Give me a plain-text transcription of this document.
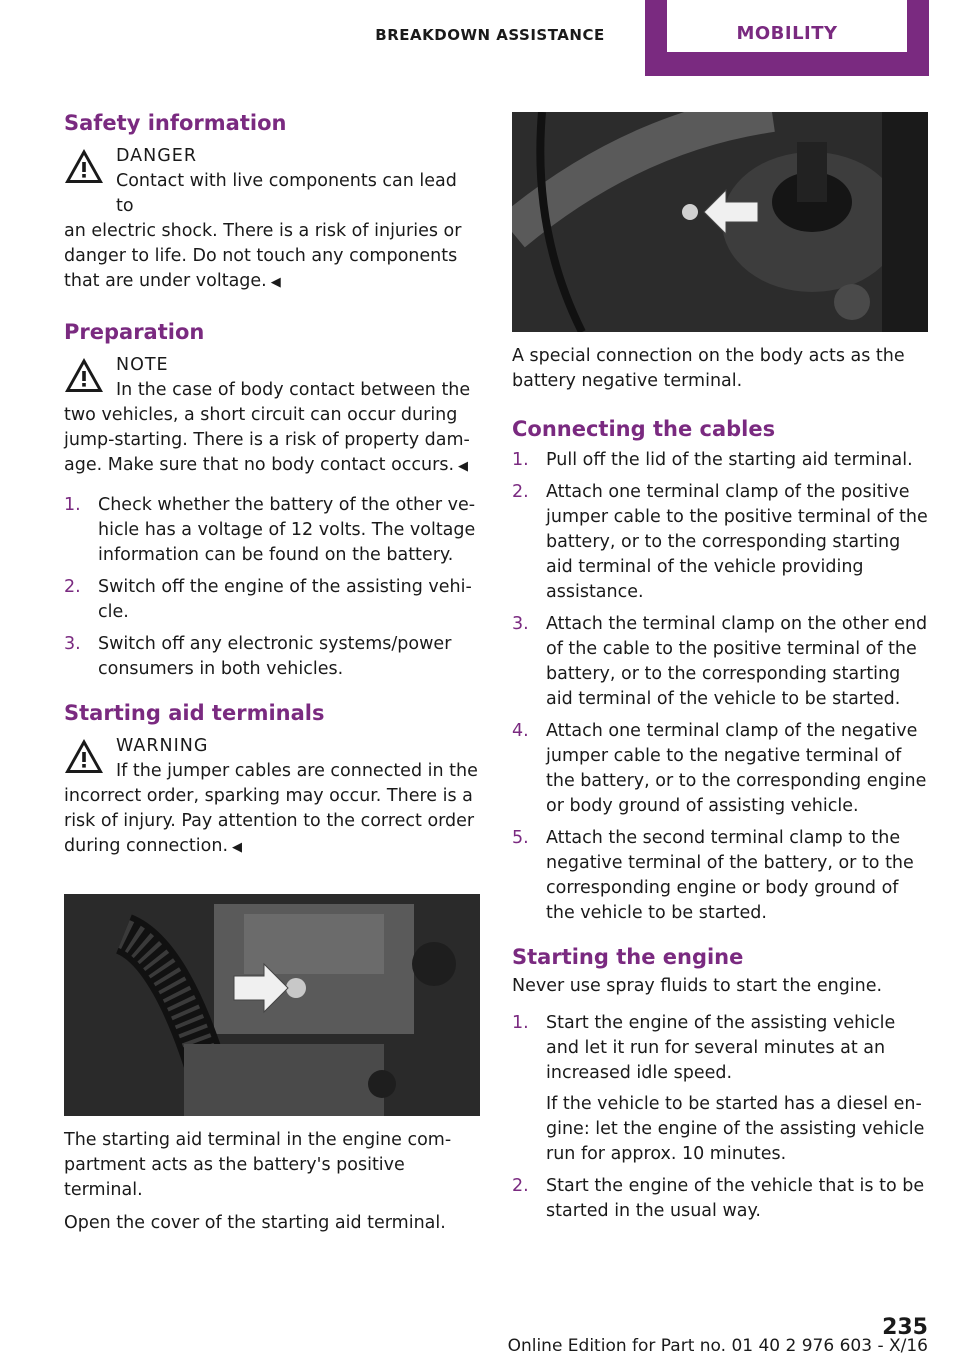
BREAKDOWN ASSISTANCE	MOBILITY
Safety information
DANGER
Contact with live components can lead to
an electric shock. There is a risk of injuries or danger to life. Do not touch any components that are under voltage. ◀
Preparation
NOTE
In the case of body contact between the
two vehicles, a short circuit can occur during jump-starting. There is a risk of property dam‐ age. Make sure that no body contact occurs. ◀
1. Check whether the battery of the other ve‐ hicle has a voltage of 12 volts. The voltage information can be found on the battery.
2. Switch off the engine of the assisting vehi‐ cle.
3. Switch off any electronic systems/power consumers in both vehicles.
Starting aid terminals
WARNING
If the jumper cables are connected in the
incorrect order, sparking may occur. There is a risk of injury. Pay attention to the correct order during connection. ◀

The starting aid terminal in the engine com‐ partment acts as the battery's positive terminal.

Open the cover of the starting aid terminal.

A special connection on the body acts as the battery negative terminal.

Connecting the cables
1. Pull off the lid of the starting aid terminal.
2. Attach one terminal clamp of the positive jumper cable to the positive terminal of the battery, or to the corresponding starting aid terminal of the vehicle providing assistance.
3. Attach the terminal clamp on the other end of the cable to the positive terminal of the battery, or to the corresponding starting aid terminal of the vehicle to be started.
4. Attach one terminal clamp of the negative jumper cable to the negative terminal of the battery, or to the corresponding engine or body ground of assisting vehicle.
5. Attach the second terminal clamp to the negative terminal of the battery, or to the corresponding engine or body ground of the vehicle to be started.
Starting the engine

Never use spray fluids to start the engine.

1. Start the engine of the assisting vehicle and let it run for several minutes at an increased idle speed.
If the vehicle to be started has a diesel en‐ gine: let the engine of the assisting vehicle run for approx. 10 minutes.
2. Start the engine of the vehicle that is to be started in the usual way.
235
Online Edition for Part no. 01 40 2 976 603 - X/16
